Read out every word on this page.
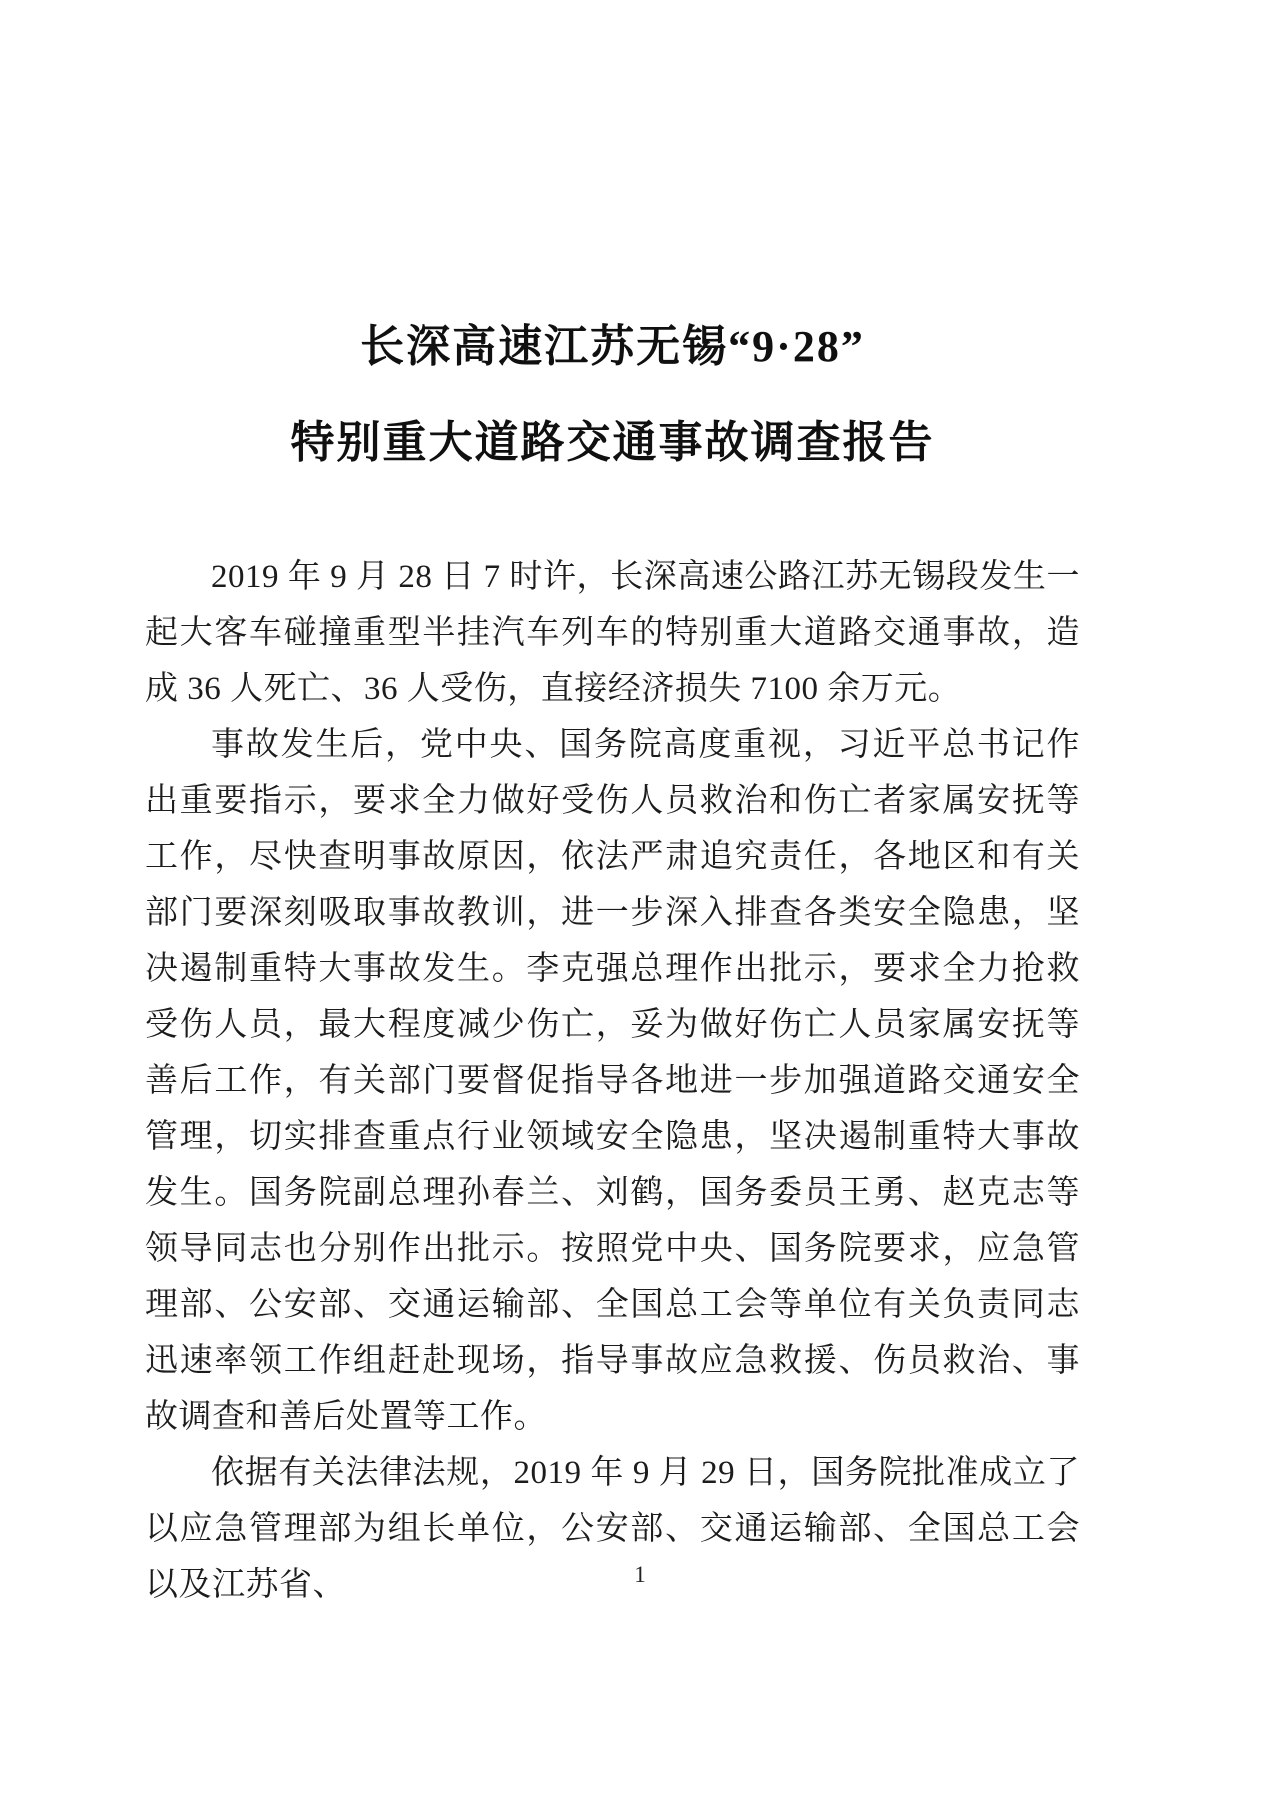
长深高速江苏无锡“9·28”
特别重大道路交通事故调查报告

2019 年 9 月 28 日 7 时许，长深高速公路江苏无锡段发生一起大客车碰撞重型半挂汽车列车的特别重大道路交通事故，造成 36 人死亡、36 人受伤，直接经济损失 7100 余万元。

事故发生后，党中央、国务院高度重视，习近平总书记作出重要指示，要求全力做好受伤人员救治和伤亡者家属安抚等工作，尽快查明事故原因，依法严肃追究责任，各地区和有关部门要深刻吸取事故教训，进一步深入排查各类安全隐患，坚决遏制重特大事故发生。李克强总理作出批示，要求全力抢救受伤人员，最大程度减少伤亡，妥为做好伤亡人员家属安抚等善后工作，有关部门要督促指导各地进一步加强道路交通安全管理，切实排查重点行业领域安全隐患，坚决遏制重特大事故发生。国务院副总理孙春兰、刘鹤，国务委员王勇、赵克志等领导同志也分别作出批示。按照党中央、国务院要求，应急管理部、公安部、交通运输部、全国总工会等单位有关负责同志迅速率领工作组赶赴现场，指导事故应急救援、伤员救治、事故调查和善后处置等工作。

依据有关法律法规，2019 年 9 月 29 日，国务院批准成立了以应急管理部为组长单位，公安部、交通运输部、全国总工会以及江苏省、	1
